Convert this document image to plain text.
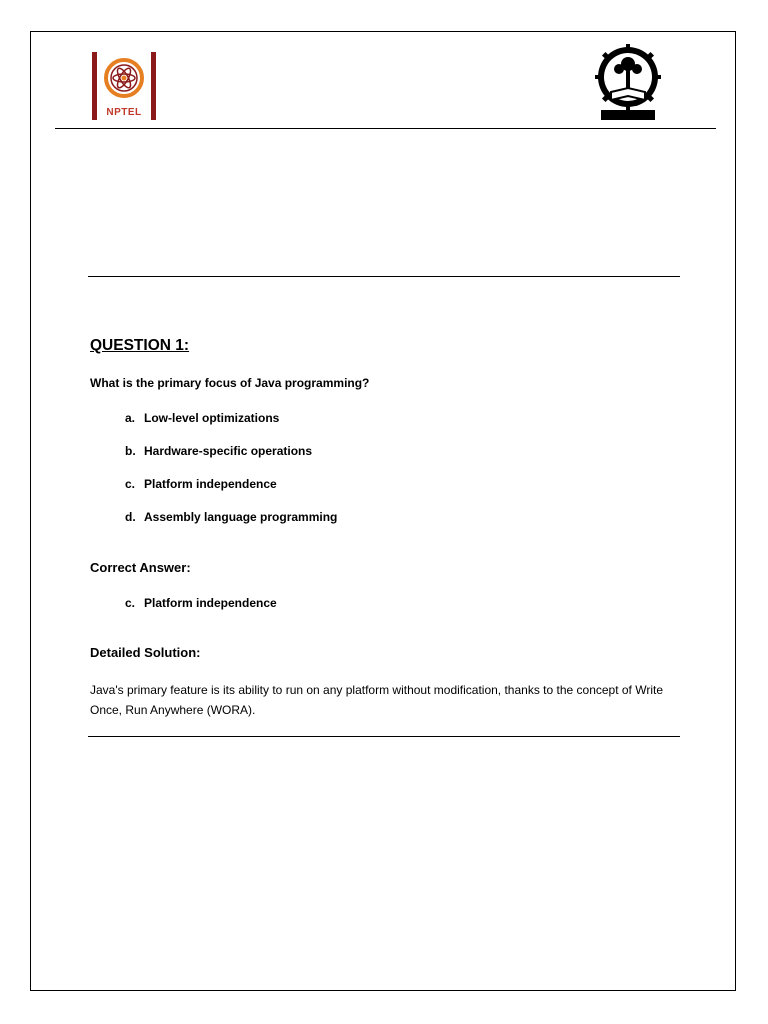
NPTEL
QUESTION 1:
What is the primary focus of Java programming?
a. Low-level optimizations
b. Hardware-specific operations
c. Platform independence
d. Assembly language programming
Correct Answer:
c. Platform independence
Detailed Solution:
Java's primary feature is its ability to run on any platform without modification, thanks to the concept of Write Once, Run Anywhere (WORA).
